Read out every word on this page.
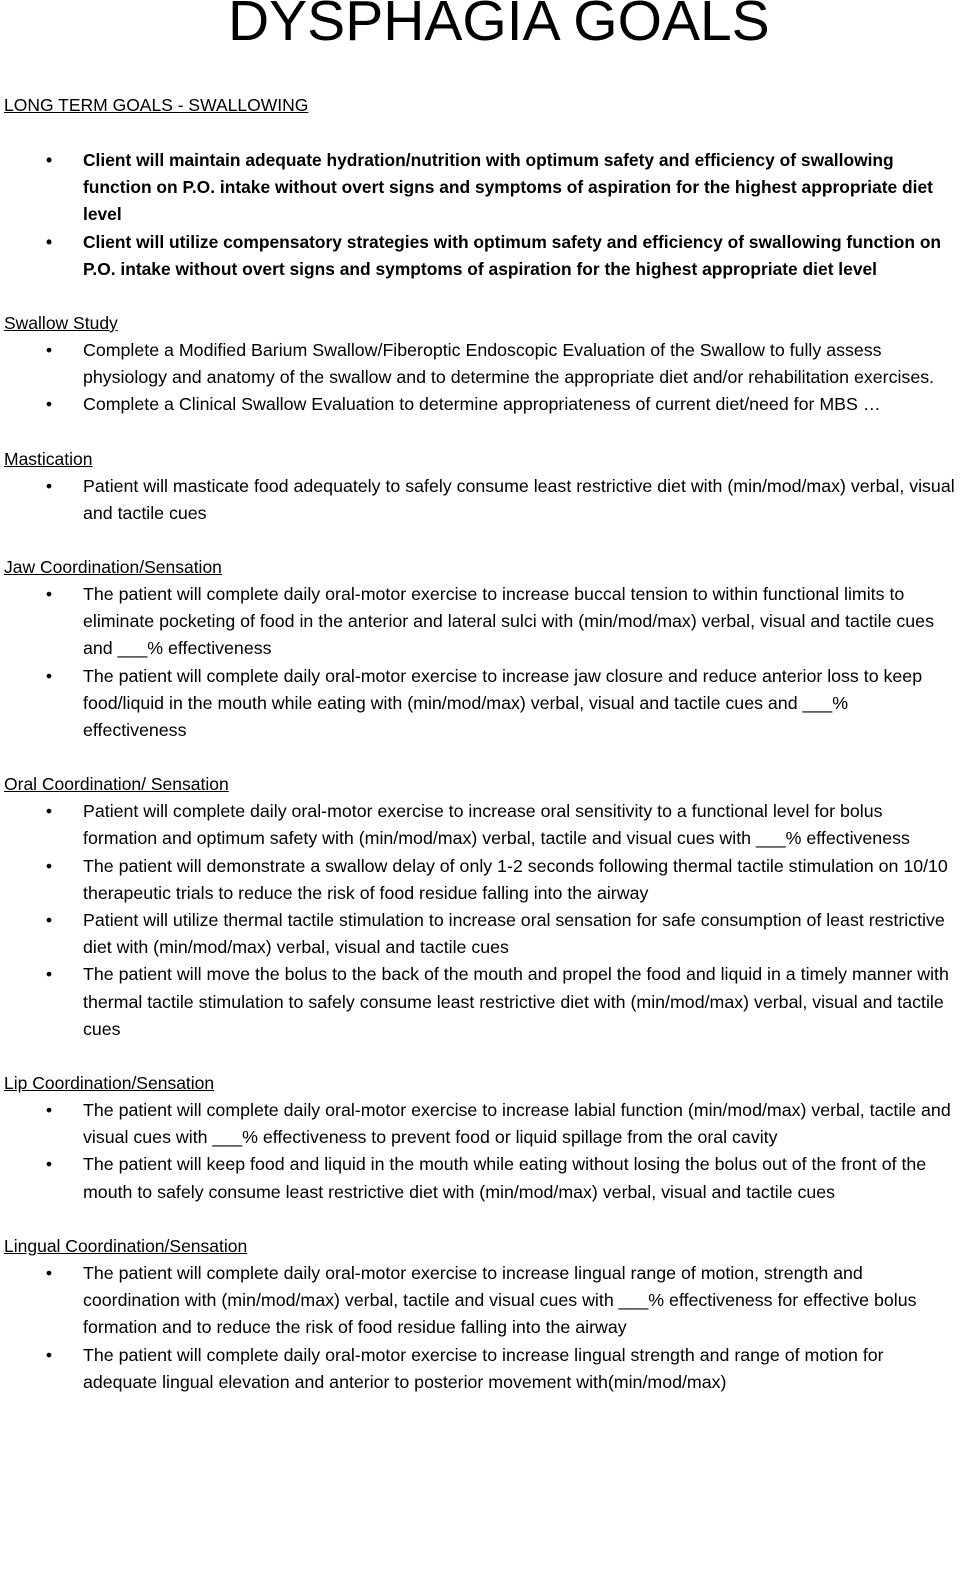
DYSPHAGIA GOALS
LONG TERM GOALS - SWALLOWING
• Client will maintain adequate hydration/nutrition with optimum safety and efficiency of swallowing function on P.O. intake without overt signs and symptoms of aspiration for the highest appropriate diet level
• Client will utilize compensatory strategies with optimum safety and efficiency of swallowing function on P.O. intake without overt signs and symptoms of aspiration for the highest appropriate diet level
Swallow Study
• Complete a Modified Barium Swallow/Fiberoptic Endoscopic Evaluation of the Swallow to fully assess physiology and anatomy of the swallow and to determine the appropriate diet and/or rehabilitation exercises.
• Complete a Clinical Swallow Evaluation to determine appropriateness of current diet/need for MBS …
Mastication
• Patient will masticate food adequately to safely consume least restrictive diet with (min/mod/max) verbal, visual and tactile cues
Jaw Coordination/Sensation
• The patient will complete daily oral-motor exercise to increase buccal tension to within functional limits to eliminate pocketing of food in the anterior and lateral sulci with (min/mod/max) verbal, visual and tactile cues and ___% effectiveness
• The patient will complete daily oral-motor exercise to increase jaw closure and reduce anterior loss to keep food/liquid in the mouth while eating with (min/mod/max) verbal, visual and tactile cues and ___% effectiveness
Oral Coordination/ Sensation
• Patient will complete daily oral-motor exercise to increase oral sensitivity to a functional level for bolus formation and optimum safety with (min/mod/max) verbal, tactile and visual cues with ___% effectiveness
• The patient will demonstrate a swallow delay of only 1-2 seconds following thermal tactile stimulation on 10/10 therapeutic trials to reduce the risk of food residue falling into the airway
• Patient will utilize thermal tactile stimulation to increase oral sensation for safe consumption of least restrictive diet with (min/mod/max) verbal, visual and tactile cues
• The patient will move the bolus to the back of the mouth and propel the food and liquid in a timely manner with thermal tactile stimulation to safely consume least restrictive diet with (min/mod/max) verbal, visual and tactile cues
Lip Coordination/Sensation
• The patient will complete daily oral-motor exercise to increase labial function (min/mod/max) verbal, tactile and visual cues with ___% effectiveness to prevent food or liquid spillage from the oral cavity
• The patient will keep food and liquid in the mouth while eating without losing the bolus out of the front of the mouth to safely consume least restrictive diet with (min/mod/max) verbal, visual and tactile cues
Lingual Coordination/Sensation
• The patient will complete daily oral-motor exercise to increase lingual range of motion, strength and coordination with (min/mod/max) verbal, tactile and visual cues with ___% effectiveness for effective bolus formation and to reduce the risk of food residue falling into the airway
• The patient will complete daily oral-motor exercise to increase lingual strength and range of motion for adequate lingual elevation and anterior to posterior movement with(min/mod/max)
